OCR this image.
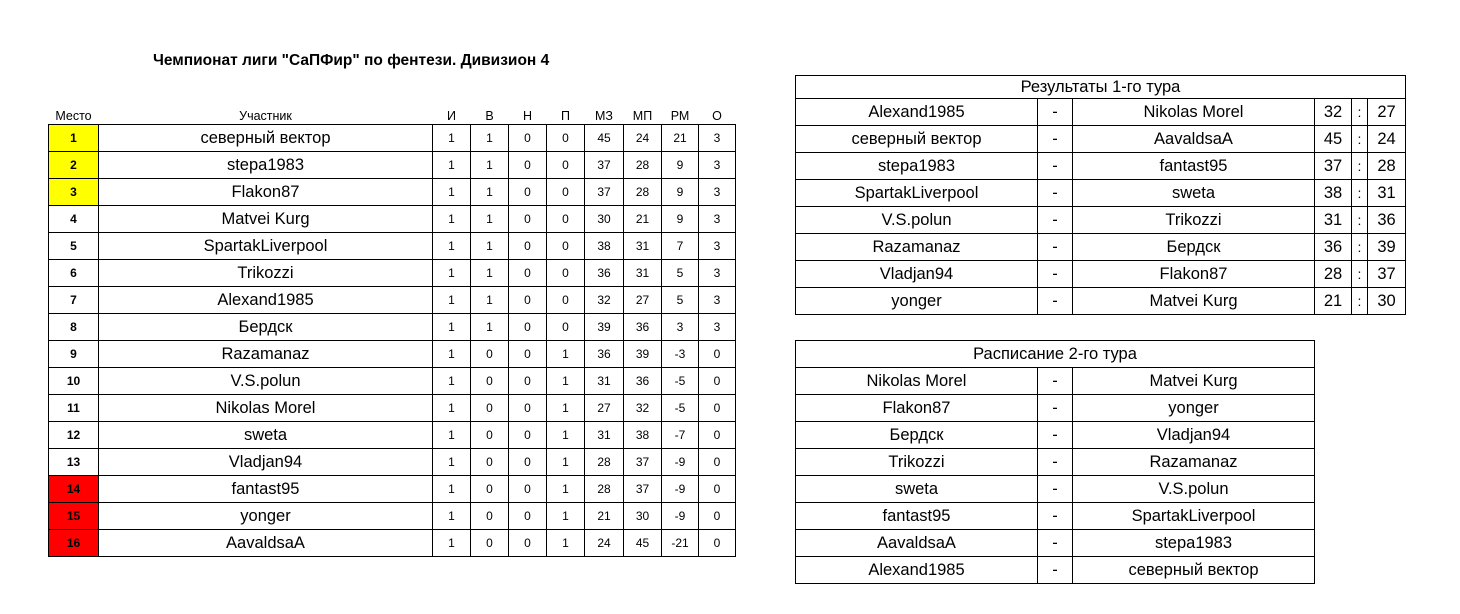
Чемпионат лиги "СаПФир" по фентези. Дивизион 4
Место	Участник	И	В	Н	П	МЗ	МП	РМ	О
1	северный вектор	1	1	0	0	45	24	21	3
2	stepa1983	1	1	0	0	37	28	9	3
3	Flakon87	1	1	0	0	37	28	9	3
4	Matvei Kurg	1	1	0	0	30	21	9	3
5	SpartakLiverpool	1	1	0	0	38	31	7	3
6	Trikozzi	1	1	0	0	36	31	5	3
7	Alexand1985	1	1	0	0	32	27	5	3
8	Бердск	1	1	0	0	39	36	3	3
9	Razamanaz	1	0	0	1	36	39	-3	0
10	V.S.polun	1	0	0	1	31	36	-5	0
11	Nikolas Morel	1	0	0	1	27	32	-5	0
12	sweta	1	0	0	1	31	38	-7	0
13	Vladjan94	1	0	0	1	28	37	-9	0
14	fantast95	1	0	0	1	28	37	-9	0
15	yonger	1	0	0	1	21	30	-9	0
16	AavaldsaA	1	0	0	1	24	45	-21	0
Результаты 1-го тура					
Alexand1985	-	Nikolas Morel	32	:	27
северный вектор	-	AavaldsaA	45	:	24
stepa1983	-	fantast95	37	:	28
SpartakLiverpool	-	sweta	38	:	31
V.S.polun	-	Trikozzi	31	:	36
Razamanaz	-	Бердск	36	:	39
Vladjan94	-	Flakon87	28	:	37
yonger	-	Matvei Kurg	21	:	30
Расписание 2-го тура		
Nikolas Morel	-	Matvei Kurg
Flakon87	-	yonger
Бердск	-	Vladjan94
Trikozzi	-	Razamanaz
sweta	-	V.S.polun
fantast95	-	SpartakLiverpool
AavaldsaA	-	stepa1983
Alexand1985	-	северный вектор
